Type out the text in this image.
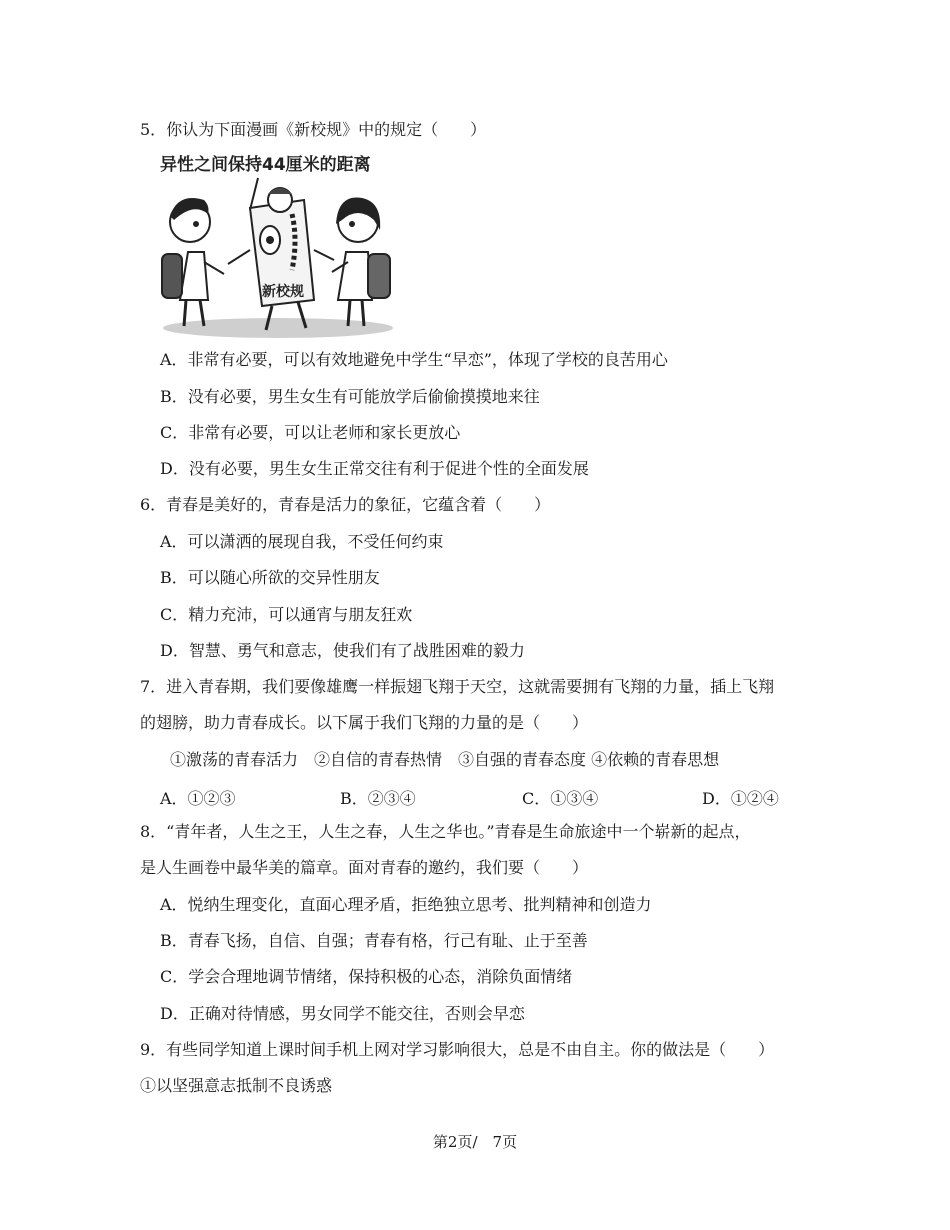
5．你认为下面漫画《新校规》中的规定（　　）
异性之间保持44厘米的距离
新校规
A．非常有必要，可以有效地避免中学生“早恋”，体现了学校的良苦用心
B．没有必要，男生女生有可能放学后偷偷摸摸地来往
C．非常有必要，可以让老师和家长更放心
D．没有必要，男生女生正常交往有利于促进个性的全面发展
6．青春是美好的，青春是活力的象征，它蕴含着（　　）
A．可以潇洒的展现自我，不受任何约束
B．可以随心所欲的交异性朋友
C．精力充沛，可以通宵与朋友狂欢
D．智慧、勇气和意志，使我们有了战胜困难的毅力
7．进入青春期，我们要像雄鹰一样振翅飞翔于天空，这就需要拥有飞翔的力量，插上飞翔
的翅膀，助力青春成长。以下属于我们飞翔的力量的是（　　）
①激荡的青春活力　②自信的青春热情　③自强的青春态度 ④依赖的青春思想
A．①②③	B．②③④	C．①③④	D．①②④
8．“青年者，人生之王，人生之春，人生之华也。”青春是生命旅途中一个崭新的起点，
是人生画卷中最华美的篇章。面对青春的邀约，我们要（　　）
A．悦纳生理变化，直面心理矛盾，拒绝独立思考、批判精神和创造力
B．青春飞扬，自信、自强；青春有格，行己有耻、止于至善
C．学会合理地调节情绪，保持积极的心态，消除负面情绪
D．正确对待情感，男女同学不能交往，否则会早恋
9．有些同学知道上课时间手机上网对学习影响很大，总是不由自主。你的做法是（　　）
①以坚强意志抵制不良诱惑
第2页/　7页
